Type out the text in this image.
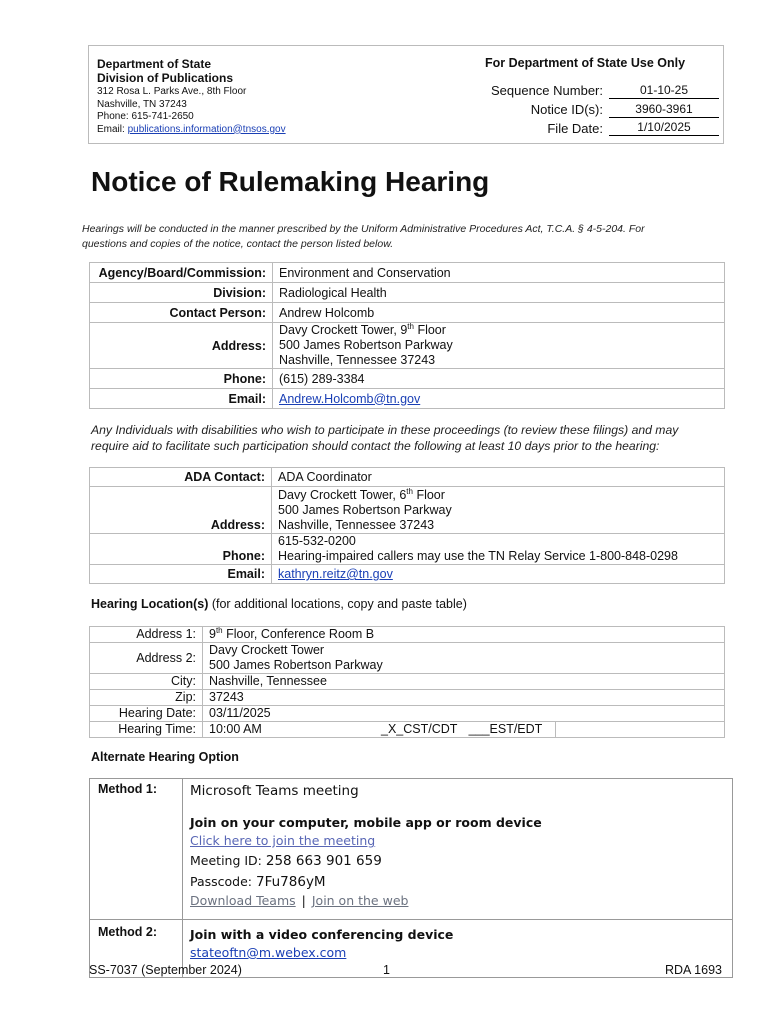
Department of State
Division of Publications
312 Rosa L. Parks Ave., 8th Floor
Nashville, TN 37243
Phone: 615-741-2650
Email: publications.information@tnsos.gov
For Department of State Use Only
Sequence Number:	01-10-25
Notice ID(s):	3960-3961
File Date:	1/10/2025
Notice of Rulemaking Hearing
Hearings will be conducted in the manner prescribed by the Uniform Administrative Procedures Act, T.C.A. § 4-5-204. For
questions and copies of the notice, contact the person listed below.
Agency/Board/Commission:	Environment and Conservation
Division:	Radiological Health
Contact Person:	Andrew Holcomb
Address:	Davy Crockett Tower, 9th Floor
500 James Robertson Parkway
Nashville, Tennessee 37243

Phone:	(615) 289-3384
Email:	Andrew.Holcomb@tn.gov
Any Individuals with disabilities who wish to participate in these proceedings (to review these filings) and may
require aid to facilitate such participation should contact the following at least 10 days prior to the hearing:
ADA Contact:	ADA Coordinator
Address:	Davy Crockett Tower, 6th Floor
500 James Robertson Parkway
Nashville, Tennessee 37243

Phone:	615-532-0200
Hearing-impaired callers may use the TN Relay Service 1-800-848-0298

Email:	kathryn.reitz@tn.gov
Hearing Location(s) (for additional locations, copy and paste table)
Address 1:	9th Floor, Conference Room B		
Address 2:	Davy Crockett Tower
500 James Robertson Parkway		

City:	Nashville, Tennessee		
Zip:	37243		
Hearing Date:	03/11/2025		
Hearing Time:	10:00 AM	_X_CST/CDT ___EST/EDT	
Alternate Hearing Option
Method 1: Microsoft Teams meeting
Join on your computer, mobile app or room device
Click here to join the meeting
Meeting ID: 258 663 901 659
Passcode: 7Fu786yM
Download Teams | Join on the web
Method 2:	Join with a video conferencing device
stateoftn@m.webex.com
SS-7037 (September 2024)	1	RDA 1693
